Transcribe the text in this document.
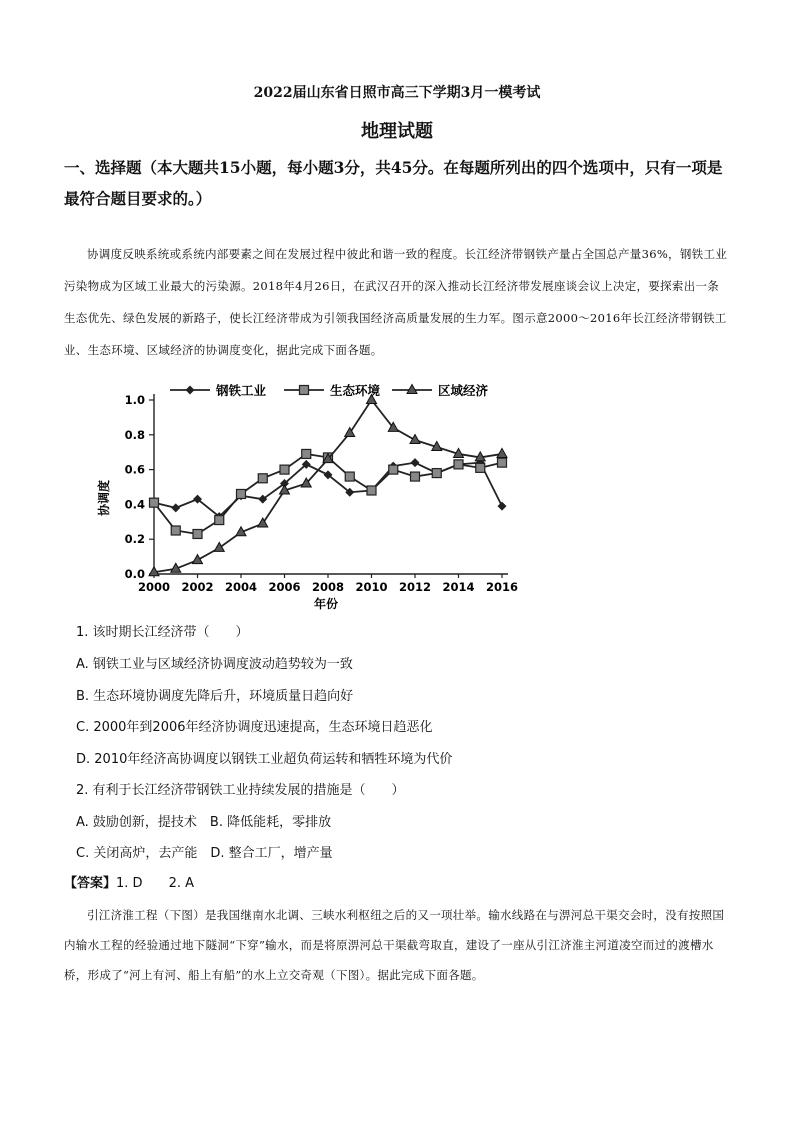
2022届山东省日照市高三下学期3月一模考试
地理试题
一、选择题（本大题共15小题，每小题3分，共45分。在每题所列出的四个选项中，只有一项是最符合题目要求的。）
协调度反映系统或系统内部要素之间在发展过程中彼此和谐一致的程度。长江经济带钢铁产量占全国总产量36%，钢铁工业污染物成为区域工业最大的污染源。2018年4月26日，在武汉召开的深入推动长江经济带发展座谈会议上决定，要探索出一条生态优先、绿色发展的新路子，使长江经济带成为引领我国经济高质量发展的生力军。图示意2000～2016年长江经济带钢铁工业、生态环境、区域经济的协调度变化，据此完成下面各题。
0.0
0.2
0.4
0.6
0.8
1.0
2000 2002 2004 2006 2008 2010 2012 2014 2016
钢铁工业	生态环境	区域经济
协调度
年份
1. 该时期长江经济带（　　）
A. 钢铁工业与区域经济协调度波动趋势较为一致
B. 生态环境协调度先降后升，环境质量日趋向好
C. 2000年到2006年经济协调度迅速提高，生态环境日趋恶化
D. 2010年经济高协调度以钢铁工业超负荷运转和牺牲环境为代价
2. 有利于长江经济带钢铁工业持续发展的措施是（　　）
A. 鼓励创新，提技术　B. 降低能耗，零排放
C. 关闭高炉，去产能　D. 整合工厂，增产量
【答案】1. D 2. A
引江济淮工程（下图）是我国继南水北调、三峡水利枢纽之后的又一项壮举。输水线路在与淠河总干渠交会时，没有按照国内输水工程的经验通过地下隧洞“下穿”输水，而是将原淠河总干渠截弯取直，建设了一座从引江济淮主河道凌空而过的渡槽水桥，形成了“河上有河、船上有船”的水上立交奇观（下图）。据此完成下面各题。
